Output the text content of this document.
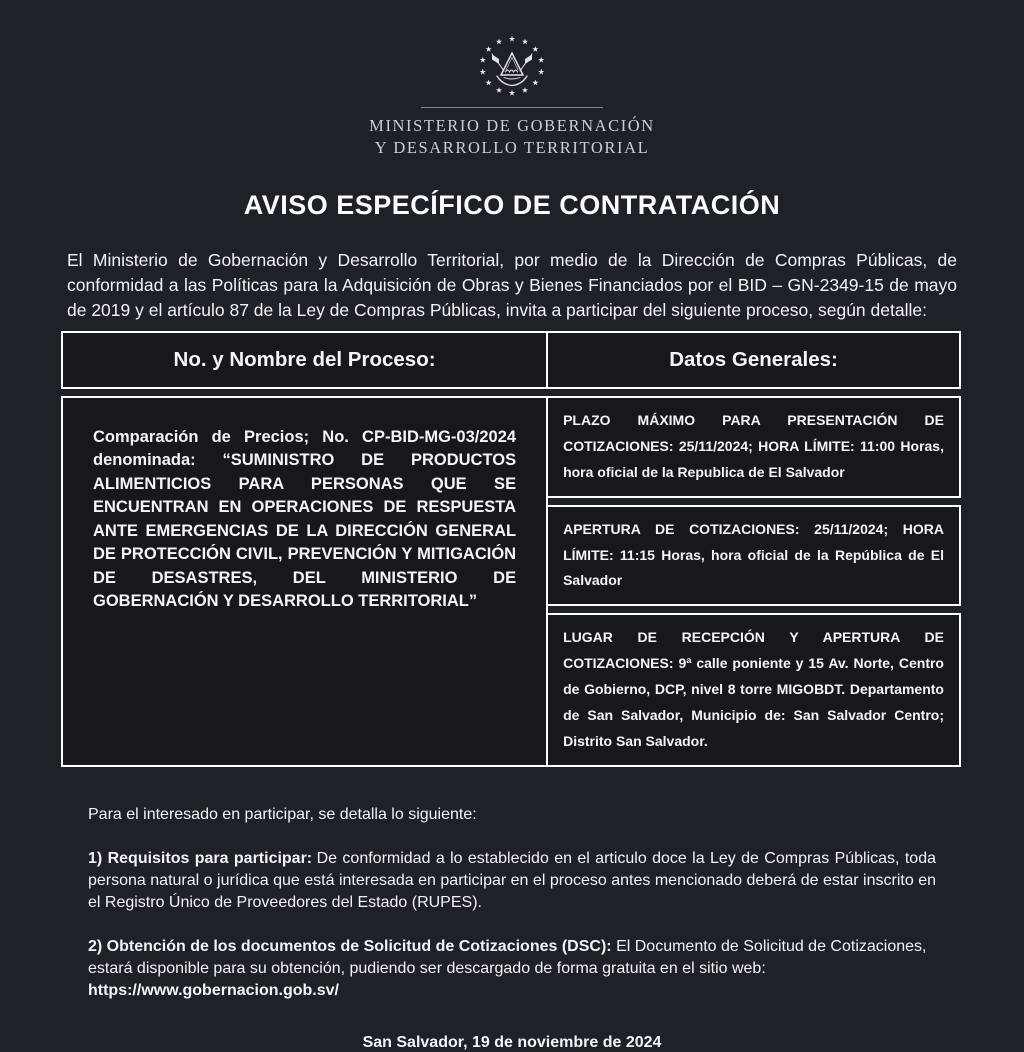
MINISTERIO DE GOBERNACIÓN
Y DESARROLLO TERRITORIAL
AVISO ESPECÍFICO DE CONTRATACIÓN
El Ministerio de Gobernación y Desarrollo Territorial, por medio de la Dirección de Compras Públicas, de conformidad a las Políticas para la Adquisición de Obras y Bienes Financiados por el BID – GN-2349-15 de mayo de 2019 y el artículo 87 de la Ley de Compras Públicas, invita a participar del siguiente proceso, según detalle:
No. y Nombre del Proceso:
Comparación de Precios; No. CP-BID-MG-03/2024 denominada: “SUMINISTRO DE PRODUCTOS ALIMENTICIOS PARA PERSONAS QUE SE ENCUENTRAN EN OPERACIONES DE RESPUESTA ANTE EMERGENCIAS DE LA DIRECCIÓN GENERAL DE PROTECCIÓN CIVIL, PREVENCIÓN Y MITIGACIÓN DE DESASTRES, DEL MINISTERIO DE GOBERNACIÓN Y DESARROLLO TERRITORIAL”
Datos Generales:
PLAZO MÁXIMO PARA PRESENTACIÓN DE COTIZACIONES: 25/11/2024; HORA LÍMITE: 11:00 Horas, hora oficial de la Republica de El Salvador
APERTURA DE COTIZACIONES: 25/11/2024; HORA LÍMITE: 11:15 Horas, hora oficial de la República de El Salvador
LUGAR DE RECEPCIÓN Y APERTURA DE COTIZACIONES: 9ª calle poniente y 15 Av. Norte, Centro de Gobierno, DCP, nivel 8 torre MIGOBDT. Departamento de San Salvador, Municipio de: San Salvador Centro; Distrito San Salvador.

Para el interesado en participar, se detalla lo siguiente:

1) Requisitos para participar: De conformidad a lo establecido en el articulo doce la Ley de Compras Públicas, toda persona natural o jurídica que está interesada en participar en el proceso antes mencionado deberá de estar inscrito en el Registro Único de Proveedores del Estado (RUPES).

2) Obtención de los documentos de Solicitud de Cotizaciones (DSC): El Documento de Solicitud de Cotizaciones,
estará disponible para su obtención, pudiendo ser descargado de forma gratuita en el sitio web:
https://www.gobernacion.gob.sv/

San Salvador, 19 de noviembre de 2024
